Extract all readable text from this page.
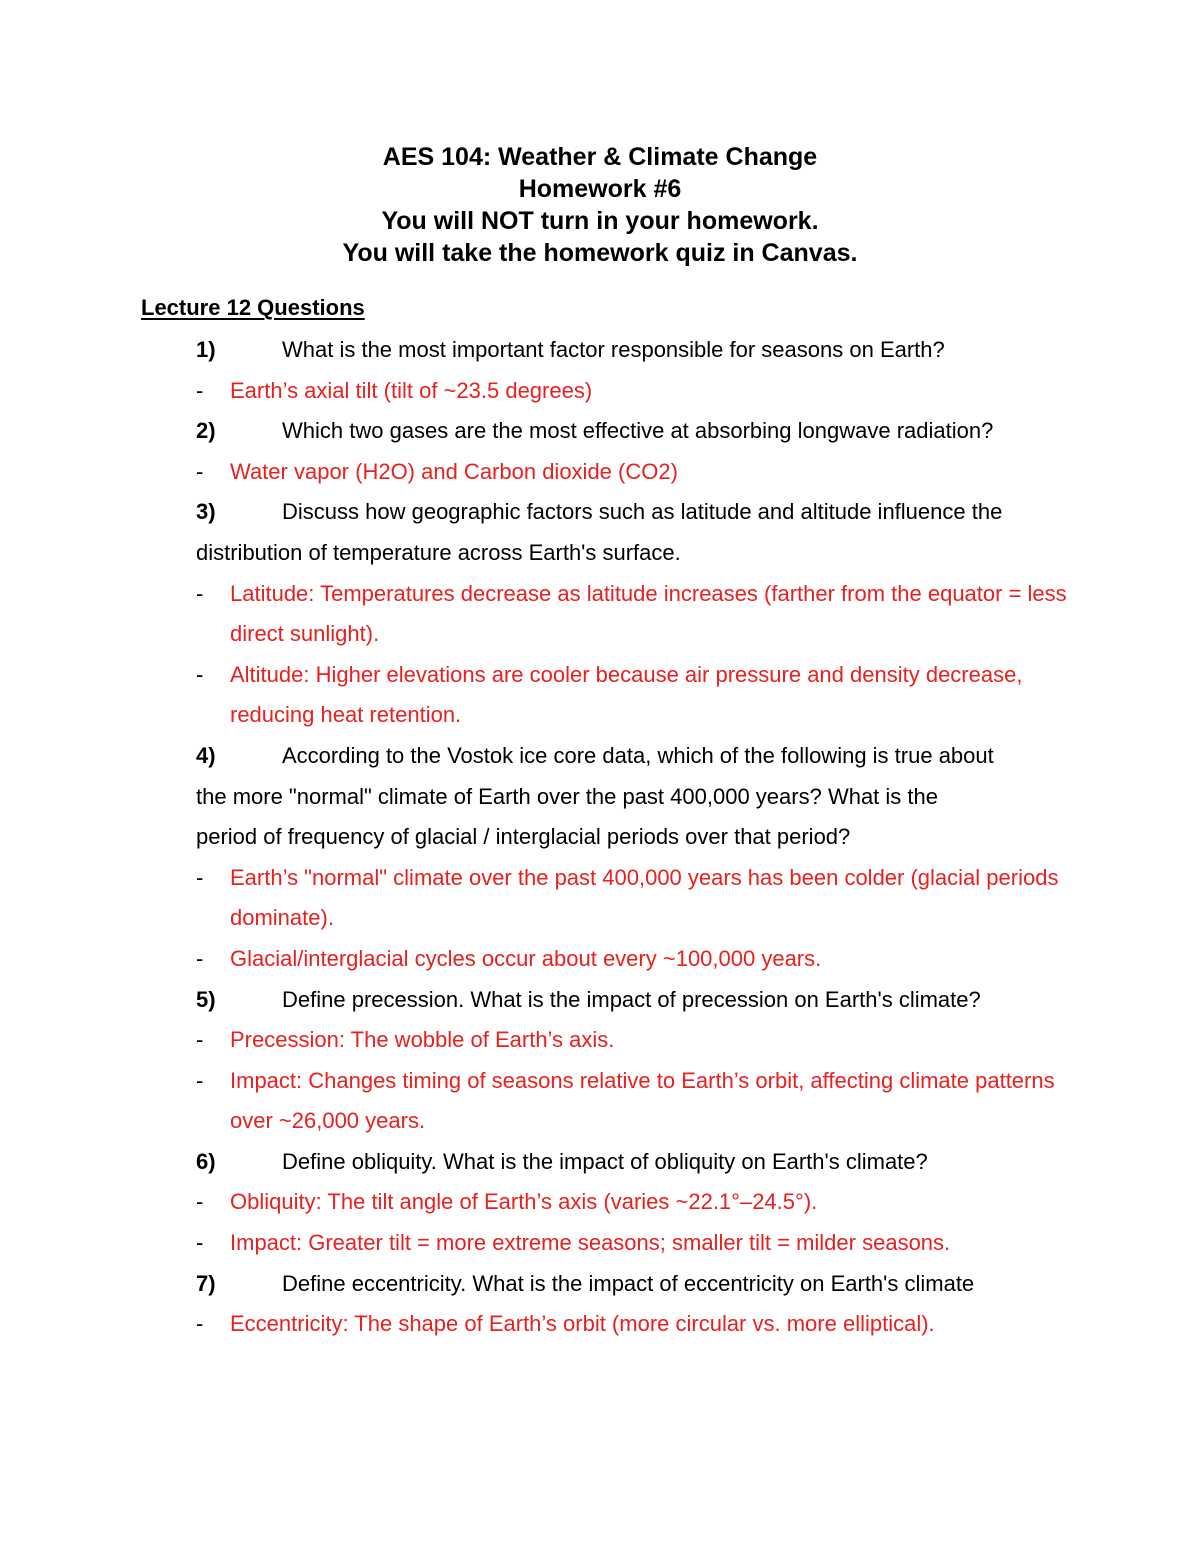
AES 104: Weather & Climate Change
Homework #6
You will NOT turn in your homework.
You will take the homework quiz in Canvas.
Lecture 12 Questions
1)	What is the most important factor responsible for seasons on Earth?
-	Earth’s axial tilt (tilt of ~23.5 degrees)
2)	Which two gases are the most effective at absorbing longwave radiation?
-	Water vapor (H2O) and Carbon dioxide (CO2)
3)	Discuss how geographic factors such as latitude and altitude influence the
distribution of temperature across Earth's surface.
-	Latitude: Temperatures decrease as latitude increases (farther from the equator = less direct sunlight).
-	Altitude: Higher elevations are cooler because air pressure and density decrease, reducing heat retention.
4)	According to the Vostok ice core data, which of the following is true about
the more "normal" climate of Earth over the past 400,000 years? What is the
period of frequency of glacial / interglacial periods over that period?
-	Earth’s "normal" climate over the past 400,000 years has been colder (glacial periods dominate).
-	Glacial/interglacial cycles occur about every ~100,000 years.
5)	Define precession. What is the impact of precession on Earth's climate?
-	Precession: The wobble of Earth’s axis.
-	Impact: Changes timing of seasons relative to Earth’s orbit, affecting climate patterns over ~26,000 years.
6)	Define obliquity. What is the impact of obliquity on Earth's climate?
-	Obliquity: The tilt angle of Earth’s axis (varies ~22.1°–24.5°).
-	Impact: Greater tilt = more extreme seasons; smaller tilt = milder seasons.
7)	Define eccentricity. What is the impact of eccentricity on Earth's climate
-	Eccentricity: The shape of Earth’s orbit (more circular vs. more elliptical).
